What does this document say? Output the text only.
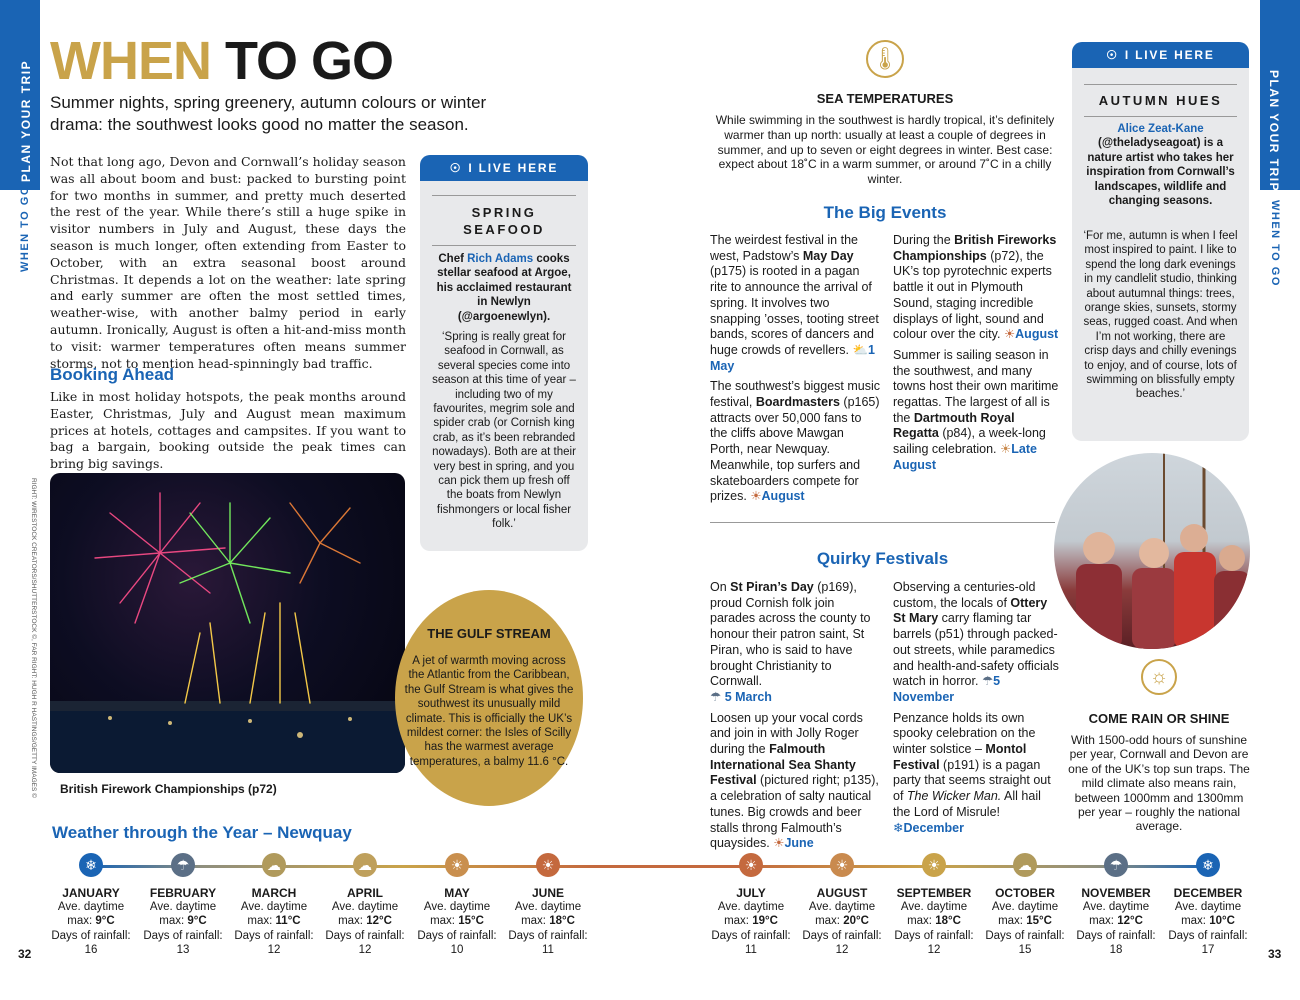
PLAN YOUR TRIP
WHEN TO GO
PLAN YOUR TRIP
WHEN TO GO
WHEN TO GO
Summer nights, spring greenery, autumn colours or winter drama: the southwest looks good no matter the season.
Not that long ago, Devon and Cornwall’s holiday season was all about boom and bust: packed to bursting point for two months in summer, and pretty much deserted the rest of the year. While there’s still a huge spike in visitor numbers in July and August, these days the season is much longer, often extending from Easter to October, with an extra seasonal boost around Christmas. It depends a lot on the weather: late spring and early summer are often the most settled times, weather-wise, with another balmy period in early autumn. Ironically, August is often a hit-and-miss month to visit: warmer temperatures often means summer storms, not to mention head-spinningly bad traffic.
Booking Ahead
Like in most holiday hotspots, the peak months around Easter, Christmas, July and August mean maximum prices at hotels, cottages and campsites. If you want to bag a bargain, booking outside the peak times can bring big savings.
RIGHT: WIRESTOCK CREATORS/SHUTTERSTOCK ©, FAR RIGHT: HUGH R HASTINGS/GETTY IMAGES © British Firework Championships (p72)
☉ I LIVE HERE
SPRING
SEAFOOD
Chef Rich Adams cooks stellar seafood at Argoe, his acclaimed restaurant in Newlyn (@argoenewlyn).
‘Spring is really great for seafood in Cornwall, as several species come into season at this time of year – including two of my favourites, megrim sole and spider crab (or Cornish king crab, as it’s been rebranded nowadays). Both are at their very best in spring, and you can pick them up fresh off the boats from Newlyn fishmongers or local fisher folk.’
THE GULF STREAM
A jet of warmth moving across the Atlantic from the Caribbean, the Gulf Stream is what gives the southwest its unusually mild climate. This is officially the UK’s mildest corner: the Isles of Scilly has the warmest average temperatures, a balmy 11.6 °C.
🌡
SEA TEMPERATURES
While swimming in the southwest is hardly tropical, it’s definitely warmer than up north: usually at least a couple of degrees in summer, and up to seven or eight degrees in winter. Best case: expect about 18˚C in a warm summer, or around 7˚C in a chilly winter.
The Big Events

The weirdest festival in the west, Padstow’s May Day (p175) is rooted in a pagan rite to announce the arrival of spring. It involves two snapping ’osses, tooting street bands, scores of dancers and huge crowds of revellers. ⛅1 May

The southwest’s biggest music festival, Boardmasters (p165) attracts over 50,000 fans to the cliffs above Mawgan Porth, near Newquay. Meanwhile, top surfers and skateboarders compete for prizes. ☀August

During the British Fireworks Championships (p72), the UK’s top pyrotechnic experts battle it out in Plymouth Sound, staging incredible displays of light, sound and colour over the city. ☀August

Summer is sailing season in the southwest, and many towns host their own maritime regattas. The largest of all is the Dartmouth Royal Regatta (p84), a week-long sailing celebration. ☀Late August

Quirky Festivals

On St Piran’s Day (p169), proud Cornish folk join parades across the county to honour their patron saint, St Piran, who is said to have brought Christianity to Cornwall.
☂ 5 March

Loosen up your vocal cords and join in with Jolly Roger during the Falmouth International Sea Shanty Festival (pictured right; p135), a celebration of salty nautical tunes. Big crowds and beer stalls throng Falmouth’s quaysides. ☀June

Observing a centuries-old custom, the locals of Ottery St Mary carry flaming tar barrels (p51) through packed-out streets, while paramedics and health-and-safety officials watch in horror. ☂5 November

Penzance holds its own spooky celebration on the winter solstice – Montol Festival (p191) is a pagan party that seems straight out of The Wicker Man. All hail the Lord of Misrule! ❄December

☉ I LIVE HERE
AUTUMN HUES
Alice Zeat-Kane
(@theladyseagoat) is a nature artist who takes her inspiration from Cornwall’s landscapes, wildlife and changing seasons.
‘For me, autumn is when I feel most inspired to paint. I like to spend the long dark evenings in my candlelit studio, thinking about autumnal things: trees, orange skies, sunsets, stormy seas, rugged coast. And when I’m not working, there are crisp days and chilly evenings to enjoy, and of course, lots of swimming on blissfully empty beaches.’
☼
COME RAIN OR SHINE
With 1500-odd hours of sunshine per year, Cornwall and Devon are one of the UK’s top sun traps. The mild climate also means rain, between 1000mm and 1300mm per year – roughly the national average.
Weather through the Year – Newquay
❄
JANUARY
Ave. daytime
max: 9°C
Days of rainfall:
16
☂
FEBRUARY
Ave. daytime
max: 9°C
Days of rainfall:
13
☁
MARCH
Ave. daytime
max: 11°C
Days of rainfall:
12
☁
APRIL
Ave. daytime
max: 12°C
Days of rainfall:
12
☀
MAY
Ave. daytime
max: 15°C
Days of rainfall:
10
☀
JUNE
Ave. daytime
max: 18°C
Days of rainfall:
11
☀
JULY
Ave. daytime
max: 19°C
Days of rainfall:
11
☀
AUGUST
Ave. daytime
max: 20°C
Days of rainfall:
12
☀
SEPTEMBER
Ave. daytime
max: 18°C
Days of rainfall:
12
☁
OCTOBER
Ave. daytime
max: 15°C
Days of rainfall:
15
☂
NOVEMBER
Ave. daytime
max: 12°C
Days of rainfall:
18
❄
DECEMBER
Ave. daytime
max: 10°C
Days of rainfall:
17
32	33
